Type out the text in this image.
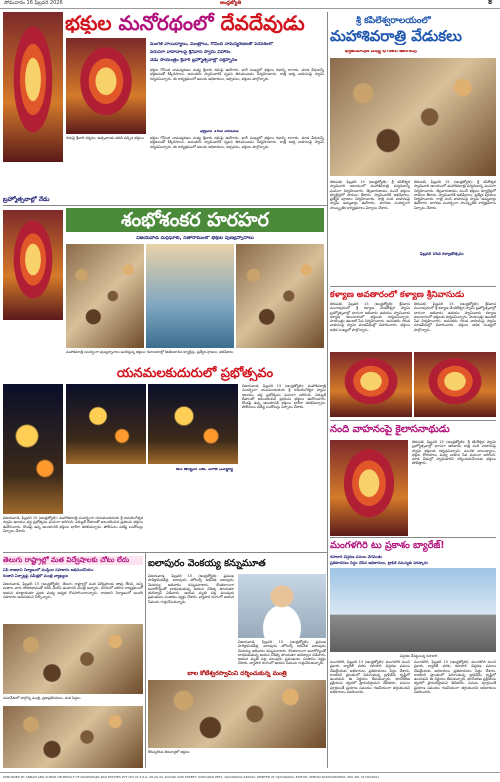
సోమవారం 16 ఫిబ్రవరి 2026	ఆంధ్రజ్యోతి	8
భక్తుల మనోరథంలో దేవదేవుడు
మంగళ వాయిద్యాలు, మంత్రాలు, గోవింద నామస్మరణలతో పరవశంలో
వరుసగా వాహనాలపై శ్రీనివాస స్వామి విహారం
నేడు సాయంత్రం శ్రీవారి బ్రహ్మోత్సవాల్లో చక్రస్నానం
భక్తుల గోవింద నామస్మరణల మధ్య శ్రీవారు రథంపై ఊరేగారు. భారీ సంఖ్యలో భక్తులు రథాన్ని లాగారు. మాడ వీధులన్నీ భక్తజనంతో కిక్కిరిసాయి. అనంతరం స్వామివారికి స్నపన తిరుమంజనం నిర్వహించారు. రాత్రి అశ్వ వాహనంపై స్వామి దర్శనమిచ్చారు. ఈ కార్యక్రమంలో ఆలయ అధికారులు, అర్చకులు, భక్తులు పాల్గొన్నారు.
ఫిబ్రవరి 16వ వెలువడి
భక్తుల గోవింద నామస్మరణల మధ్య శ్రీవారు రథంపై ఊరేగారు. భారీ సంఖ్యలో భక్తులు రథాన్ని లాగారు. మాడ వీధులన్నీ భక్తజనంతో కిక్కిరిసాయి. అనంతరం స్వామివారికి స్నపన తిరుమంజనం నిర్వహించారు. రాత్రి అశ్వ వాహనంపై స్వామి దర్శనమిచ్చారు. ఈ కార్యక్రమంలో ఆలయ అధికారులు, అర్చకులు, భక్తులు పాల్గొన్నారు.
రథంపై శ్రీవారి దర్శనం; ఉత్సవాలకు తరలి వచ్చిన భక్తులు
బ్రహ్మోత్సవాల్లో నేడు
శ్రీ కపిలేశ్వరాలయంలో
మహాశివరాత్రి వేడుకలు
భక్తజనపోషణ మధ్య భోగితేరు ఊరేగింపు
తిరుపతి, ఫిబ్రవరి 15 (ఆంధ్రజ్యోతి): శ్రీ కపిలేశ్వర స్వామివారి ఆలయంలో మహాశివరాత్రి పర్వదినాన్ని ఘనంగా నిర్వహించారు. తెల్లవారుజాము నుంచే భక్తులు క్యూలైన్లలో బారులు తీరారు. స్వామివారికి అభిషేకాలు, ప్రత్యేక పూజలు నిర్వహించారు. రాత్రి నంది వాహనంపై స్వామి అమ్మవార్లు ఊరేగారు. జాగరణ సందర్భంగా సాంస్కృతిక కార్యక్రమాలు ఏర్పాటు చేశారు.
తిరుపతి, ఫిబ్రవరి 15 (ఆంధ్రజ్యోతి): శ్రీ కపిలేశ్వర స్వామివారి ఆలయంలో మహాశివరాత్రి పర్వదినాన్ని ఘనంగా నిర్వహించారు. తెల్లవారుజాము నుంచే భక్తులు క్యూలైన్లలో బారులు తీరారు. స్వామివారికి అభిషేకాలు, ప్రత్యేక పూజలు నిర్వహించారు. రాత్రి నంది వాహనంపై స్వామి అమ్మవార్లు ఊరేగారు. జాగరణ సందర్భంగా సాంస్కృతిక కార్యక్రమాలు ఏర్పాటు చేశారు.
ఫిబ్రవరి 16వ కళ్యాణోత్సవం
శంభోశంకర హరహర
విజయవాడ దుర్గఘాట్, సీతారామంలో భక్తుల పుణ్యస్నానాలు
మహాశివరాత్రి సందర్భంగా పుణ్యస్నానాలు ఆచరిస్తున్న భక్తులు; శివాలయాల్లో కిటకిటలాడిన క్యూలైన్లు, ప్రత్యేక పూజలు, అభిషేకాలు
కళ్యాణ అవతారంలో కళ్యాణ శ్రీనివాసుడు
తిరుపతి, ఫిబ్రవరి 15 (ఆంధ్రజ్యోతి): శ్రీనివాస మంగాపురంలో శ్రీ కళ్యాణ వేంకటేశ్వర స్వామి బ్రహ్మోత్సవాల్లో భాగంగా ఆదివారం ఉదయం స్వామివారు కళ్యాణ అలంకారంలో భక్తులకు దర్శనమిచ్చారు. సాయంత్రం ఊంజల్ సేవ నిర్వహించారు. అనంతరం గరుడ వాహనంపై స్వామి మాడవీధుల్లో విహరించారు. భక్తులు అధిక సంఖ్యలో పాల్గొన్నారు.
తిరుపతి, ఫిబ్రవరి 15 (ఆంధ్రజ్యోతి): శ్రీనివాస మంగాపురంలో శ్రీ కళ్యాణ వేంకటేశ్వర స్వామి బ్రహ్మోత్సవాల్లో భాగంగా ఆదివారం ఉదయం స్వామివారు కళ్యాణ అలంకారంలో భక్తులకు దర్శనమిచ్చారు. సాయంత్రం ఊంజల్ సేవ నిర్వహించారు. అనంతరం గరుడ వాహనంపై స్వామి మాడవీధుల్లో విహరించారు. భక్తులు అధిక సంఖ్యలో పాల్గొన్నారు.
యనమలకుదురులో ప్రభోత్సవం
విజయవాడ, ఫిబ్రవరి 15 (ఆంధ్రజ్యోతి): మహాశివరాత్రి సందర్భంగా యనమలకుదురు శ్రీ రామలింగేశ్వర స్వామి ఆలయం వద్ద ప్రభోత్సవం ఘనంగా జరిగింది. విద్యుత్ దీపాలతో అలంకరించిన ప్రభలను భక్తులు ఊరేగించారు. కొండపై ఉన్న ఆలయానికి భక్తులు భారీగా తరలివచ్చారు. పోలీసులు పటిష్ఠ బందోబస్తు ఏర్పాటు చేశారు.
విజయవాడ, ఫిబ్రవరి 15 (ఆంధ్రజ్యోతి): మహాశివరాత్రి సందర్భంగా యనమలకుదురు శ్రీ రామలింగేశ్వర స్వామి ఆలయం వద్ద ప్రభోత్సవం ఘనంగా జరిగింది. విద్యుత్ దీపాలతో అలంకరించిన ప్రభలను భక్తులు ఊరేగించారు. కొండపై ఉన్న ఆలయానికి భక్తులు భారీగా తరలివచ్చారు. పోలీసులు పటిష్ఠ బందోబస్తు ఏర్పాటు చేశారు.
జేసీ ఉద్యమ నేత, మాజీ ఎమ్మెల్యే
నంది వాహనంపై కైలాసనాథుడు
తిరుపతి, ఫిబ్రవరి 15 (ఆంధ్రజ్యోతి): శ్రీ కపిలేశ్వర స్వామి బ్రహ్మోత్సవాల్లో భాగంగా ఆదివారం రాత్రి నంది వాహనంపై స్వామి భక్తులకు దర్శనమిచ్చారు. మంగళ వాయిద్యాలు, భక్తుల కోలాహలం మధ్య వాహన సేవ ఘనంగా జరిగింది. మాడ వీధుల్లో స్వామివారిని దర్శించుకునేందుకు భక్తులు పోటెత్తారు.
తెలుగు రాష్ట్రాల్లో మత విద్వేషాలకు చోటు లేదు
ఏపీ రాజధాని నిర్మాణంలో ముస్లింల సహకారం అభినందనీయం
రంజాన్ ఏర్పాట్లపై సమీక్షలో మంత్రి వ్యాఖ్యలు
విజయవాడ, ఫిబ్రవరి 15 (ఆంధ్రజ్యోతి): తెలుగు రాష్ట్రాల్లో మత విద్వేషాలకు తావు లేదని, అన్ని మతాల వారు సోదరభావంతో కలిసి మెలిసి ఉంటారని మంత్రి అన్నారు. నగరంలో జరిగిన కార్యక్రమంలో ఆయన మాట్లాడుతూ ప్రజల మధ్య ఐక్యత కొనసాగించాలన్నారు. రాజధాని నిర్మాణంలో అందరి సహకారం అవసరమని పేర్కొన్నారు.
సమావేశంలో పాల్గొన్న మంత్రి, ప్రజాప్రతినిధులు, మత పెద్దలు
ఐలాపురం వెంకయ్య కన్నుమూత
విజయవాడ, ఫిబ్రవరి 15 (ఆంధ్రజ్యోతి): ప్రముఖ పారిశ్రామికవేత్త, ఐలాపురం హోటల్స్ అధినేత ఐలాపురం వెంకయ్య ఆదివారం కన్నుమూశారు. కొంతకాలంగా అనారోగ్యంతో బాధపడుతున్న ఆయన చికిత్స పొందుతూ తుదిశ్వాస విడిచారు. ఆయన మృతి పట్ల పలువురు ప్రముఖులు సంతాపం వ్యక్తం చేశారు. వ్యాపార రంగంలో ఆయన సేవలను గుర్తుచేసుకున్నారు.
విజయవాడ, ఫిబ్రవరి 15 (ఆంధ్రజ్యోతి): ప్రముఖ పారిశ్రామికవేత్త, ఐలాపురం హోటల్స్ అధినేత ఐలాపురం వెంకయ్య ఆదివారం కన్నుమూశారు. కొంతకాలంగా అనారోగ్యంతో బాధపడుతున్న ఆయన చికిత్స పొందుతూ తుదిశ్వాస విడిచారు. ఆయన మృతి పట్ల పలువురు ప్రముఖులు సంతాపం వ్యక్తం చేశారు. వ్యాపార రంగంలో ఆయన సేవలను గుర్తుచేసుకున్నారు.
బాల కోటేశ్వరస్వామిని దర్శించుకున్న మంత్రి
కోటప్పకొండ తిరునాళ్లలో భక్తులు
మంగళగిరి టు ప్రకాశం బ్యారేజ్!
రహదారి విస్తరణ పనులు వేగవంతం
ప్రతిపాదనలు సిద్ధం చేసిన అధికారులు, ట్రాఫిక్ సమస్యకు పరిష్కారం
విస్తరణ చేపట్టనున్న రహదారి
మంగళగిరి, ఫిబ్రవరి 15 (ఆంధ్రజ్యోతి): మంగళగిరి నుంచి ప్రకాశం బ్యారేజ్ వరకు రహదారి విస్తరణ పనులు చేపట్టేందుకు అధికారులు ప్రతిపాదనలు సిద్ధం చేశారు. రాజధాని ప్రాంతంలో పెరుగుతున్న ట్రాఫిక్‌ను దృష్టిలో ఉంచుకుని ఈ నిర్ణయం తీసుకున్నారు. భూసేకరణ ప్రక్రియను త్వరలో ప్రారంభిస్తామని తెలిపారు. పనులు పూర్తయితే ప్రయాణ సమయం గణనీయంగా తగ్గుతుందని అధికారులు వివరించారు.
మంగళగిరి, ఫిబ్రవరి 15 (ఆంధ్రజ్యోతి): మంగళగిరి నుంచి ప్రకాశం బ్యారేజ్ వరకు రహదారి విస్తరణ పనులు చేపట్టేందుకు అధికారులు ప్రతిపాదనలు సిద్ధం చేశారు. రాజధాని ప్రాంతంలో పెరుగుతున్న ట్రాఫిక్‌ను దృష్టిలో ఉంచుకుని ఈ నిర్ణయం తీసుకున్నారు. భూసేకరణ ప్రక్రియను త్వరలో ప్రారంభిస్తామని తెలిపారు. పనులు పూర్తయితే ప్రయాణ సమయం గణనీయంగా తగ్గుతుందని అధికారులు వివరించారు.
PUBLISHED BY ANNAM ANIL KUMAR ON BEHALF OF NAGESWARA RAO ESTATES PVT LTD AT 3-6-2, 28-29-34, DASARI VARI STREET, SURYARAO PETA, VIJAYAWADA-520002, PRINTED AT VIJAYAWADA. EDITOR: VEMURI RADHAKRISHNA. RNI. NO. 51790/2001
